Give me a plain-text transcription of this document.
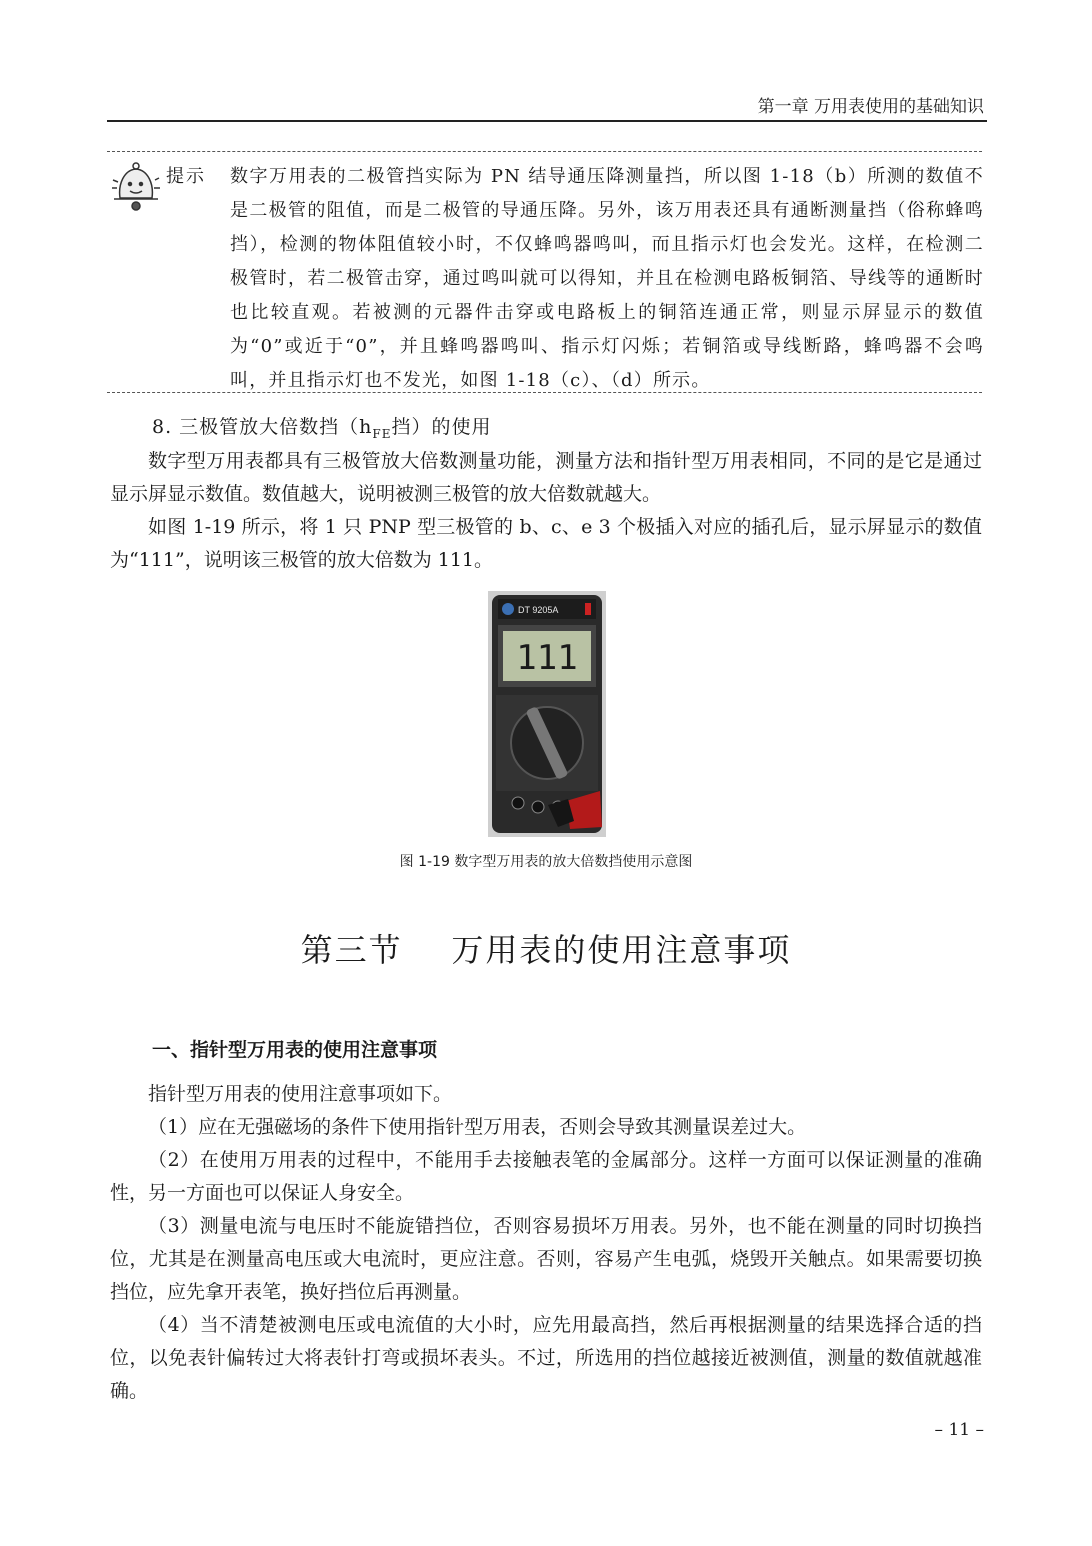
第一章 万用表使用的基础知识
提示 数字万用表的二极管挡实际为 PN 结导通压降测量挡，所以图 1-18（b）所测的数值不是二极管的阻值，而是二极管的导通压降。另外，该万用表还具有通断测量挡（俗称蜂鸣挡），检测的物体阻值较小时，不仅蜂鸣器鸣叫，而且指示灯也会发光。这样，在检测二极管时，若二极管击穿，通过鸣叫就可以得知，并且在检测电路板铜箔、导线等的通断时也比较直观。若被测的元器件击穿或电路板上的铜箔连通正常，则显示屏显示的数值为“0”或近于“0”，并且蜂鸣器鸣叫、指示灯闪烁；若铜箔或导线断路，蜂鸣器不会鸣叫，并且指示灯也不发光，如图 1-18（c）、（d）所示。
8. 三极管放大倍数挡（$h_{FE}$挡）的使用

数字型万用表都具有三极管放大倍数测量功能，测量方法和指针型万用表相同，不同的是它是通过显示屏显示数值。数值越大，说明被测三极管的放大倍数就越大。

如图 1-19 所示，将 1 只 PNP 型三极管的 b、c、e 3 个极插入对应的插孔后，显示屏显示的数值为“111”，说明该三极管的放大倍数为 111。

DT 9205A
111
图 1-19 数字型万用表的放大倍数挡使用示意图
第三节    万用表的使用注意事项
一、指针型万用表的使用注意事项

指针型万用表的使用注意事项如下。

（1）应在无强磁场的条件下使用指针型万用表，否则会导致其测量误差过大。

（2）在使用万用表的过程中，不能用手去接触表笔的金属部分。这样一方面可以保证测量的准确性，另一方面也可以保证人身安全。

（3）测量电流与电压时不能旋错挡位，否则容易损坏万用表。另外，也不能在测量的同时切换挡位，尤其是在测量高电压或大电流时，更应注意。否则，容易产生电弧，烧毁开关触点。如果需要切换挡位，应先拿开表笔，换好挡位后再测量。

（4）当不清楚被测电压或电流值的大小时，应先用最高挡，然后再根据测量的结果选择合适的挡位，以免表针偏转过大将表针打弯或损坏表头。不过，所选用的挡位越接近被测值，测量的数值就越准确。

– 11 –
